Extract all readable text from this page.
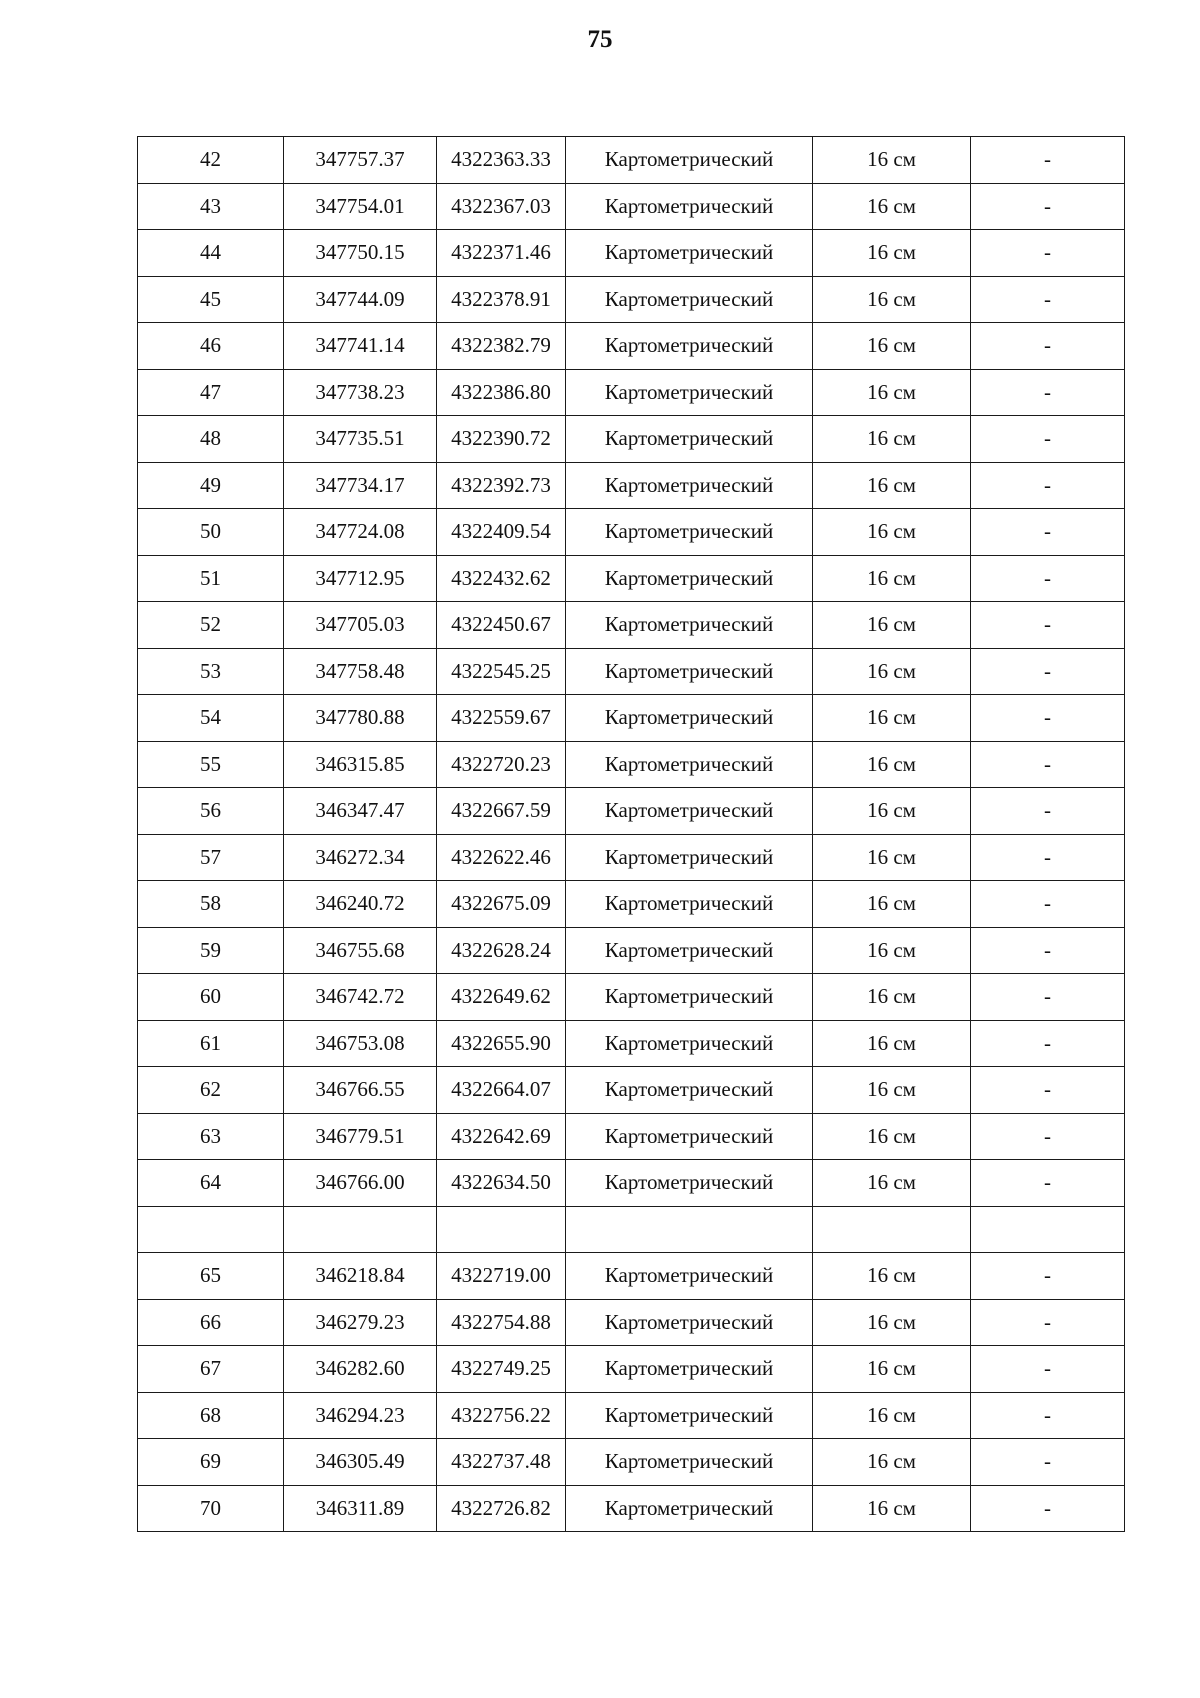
75
42	347757.37	4322363.33	Картометрический	16 см	-
43	347754.01	4322367.03	Картометрический	16 см	-
44	347750.15	4322371.46	Картометрический	16 см	-
45	347744.09	4322378.91	Картометрический	16 см	-
46	347741.14	4322382.79	Картометрический	16 см	-
47	347738.23	4322386.80	Картометрический	16 см	-
48	347735.51	4322390.72	Картометрический	16 см	-
49	347734.17	4322392.73	Картометрический	16 см	-
50	347724.08	4322409.54	Картометрический	16 см	-
51	347712.95	4322432.62	Картометрический	16 см	-
52	347705.03	4322450.67	Картометрический	16 см	-
53	347758.48	4322545.25	Картометрический	16 см	-
54	347780.88	4322559.67	Картометрический	16 см	-
55	346315.85	4322720.23	Картометрический	16 см	-
56	346347.47	4322667.59	Картометрический	16 см	-
57	346272.34	4322622.46	Картометрический	16 см	-
58	346240.72	4322675.09	Картометрический	16 см	-
59	346755.68	4322628.24	Картометрический	16 см	-
60	346742.72	4322649.62	Картометрический	16 см	-
61	346753.08	4322655.90	Картометрический	16 см	-
62	346766.55	4322664.07	Картометрический	16 см	-
63	346779.51	4322642.69	Картометрический	16 см	-
64	346766.00	4322634.50	Картометрический	16 см	-

65	346218.84	4322719.00	Картометрический	16 см	-
66	346279.23	4322754.88	Картометрический	16 см	-
67	346282.60	4322749.25	Картометрический	16 см	-
68	346294.23	4322756.22	Картометрический	16 см	-
69	346305.49	4322737.48	Картометрический	16 см	-
70	346311.89	4322726.82	Картометрический	16 см	-
